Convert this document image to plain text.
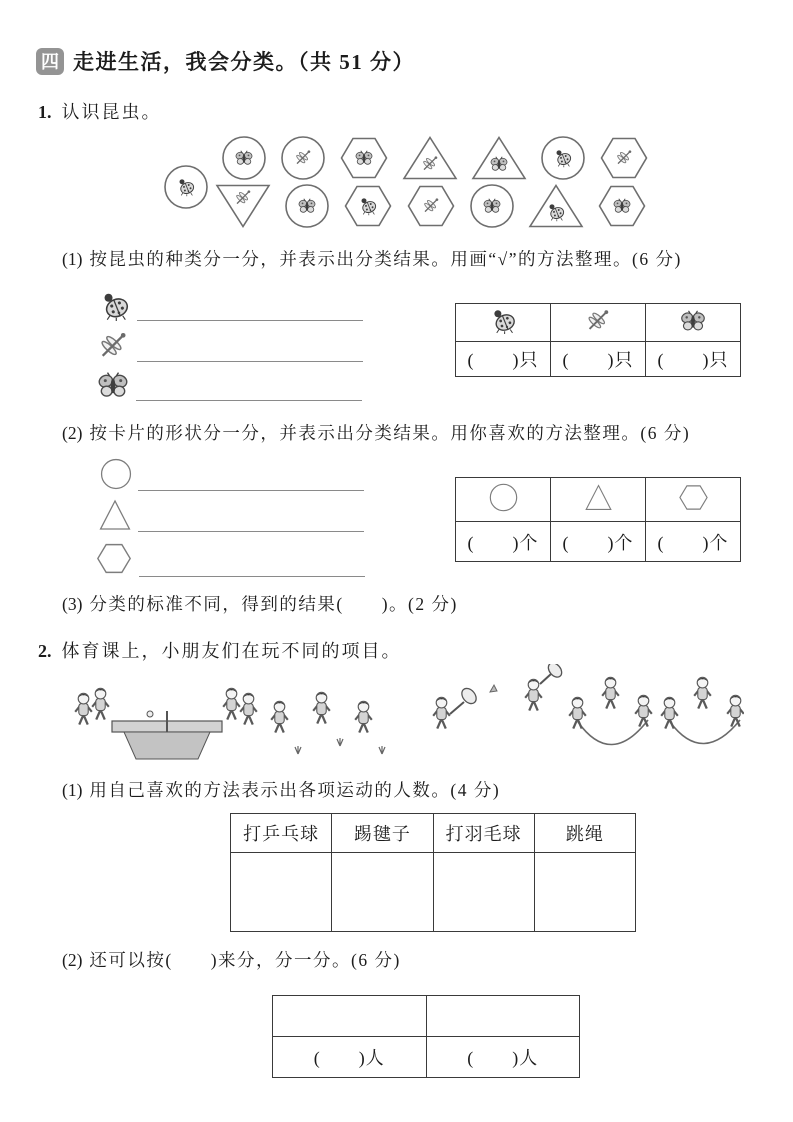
四 走进生活，我会分类。（共 51 分）
1. 认识昆虫。
(1) 按昆虫的种类分一分，并表示出分类结果。用画“√”的方法整理。(6 分)

(　　)只	(　　)只	(　　)只
(2) 按卡片的形状分一分，并表示出分类结果。用你喜欢的方法整理。(6 分)

(　　)个	(　　)个	(　　)个
(3) 分类的标准不同，得到的结果(　　)。(2 分)
2. 体育课上，小朋友们在玩不同的项目。
(1) 用自己喜欢的方法表示出各项运动的人数。(4 分)
打乒乓球	踢毽子	打羽毛球	跳绳

(2) 还可以按(　　)来分，分一分。(6 分)

(　　)人	(　　)人
